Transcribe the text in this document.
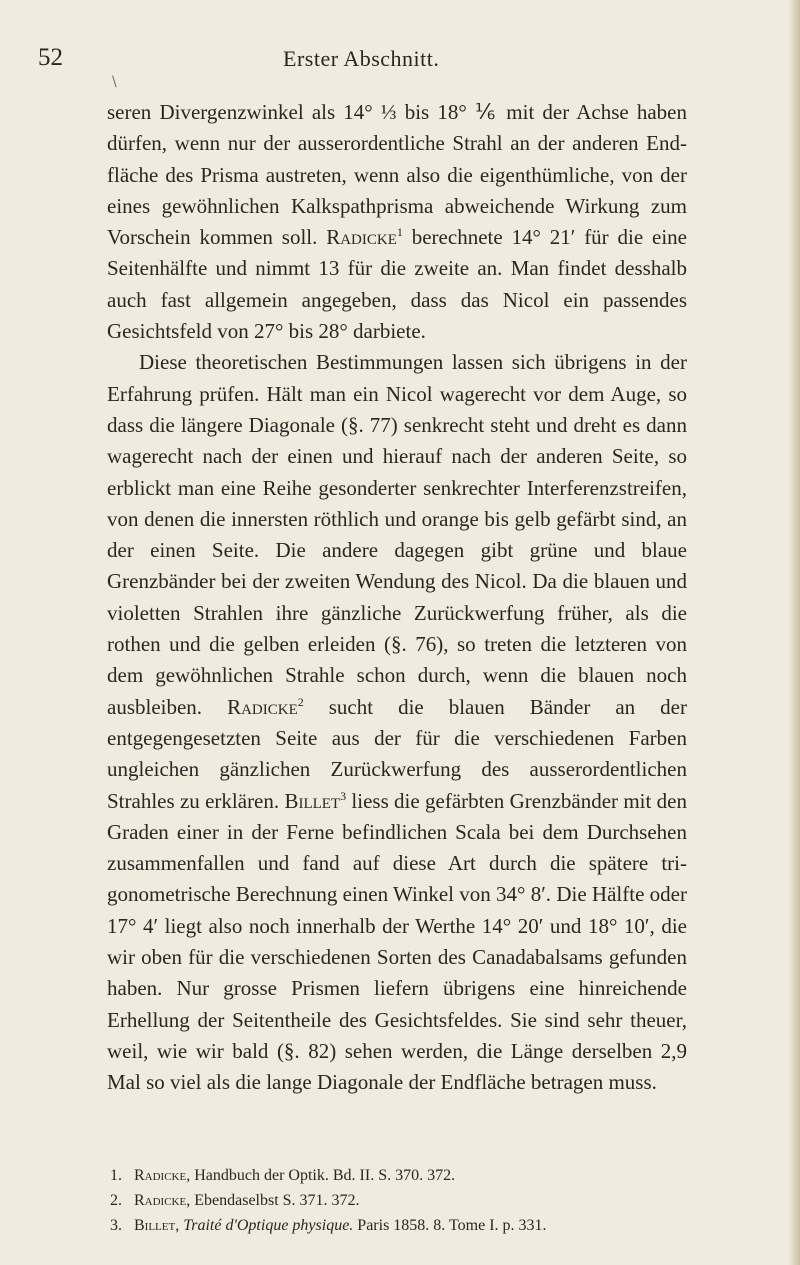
52	Erster Abschnitt.
\

seren Divergenzwinkel als 14° ⅓ bis 18° ⅙ mit der Achse haben dürfen, wenn nur der ausserordentliche Strahl an der anderen Endfläche des Prisma austreten, wenn also die eigenthümliche, von der eines gewöhnlichen Kalkspathprisma abweichende Wirkung zum Vorschein kommen soll. Radicke$^1$ berechnete 14° 21′ für die eine Seitenhälfte und nimmt 13 für die zweite an. Man findet desshalb auch fast allgemein angegeben, dass das Nicol ein passendes Gesichtsfeld von 27° bis 28° darbiete.

Diese theoretischen Bestimmungen lassen sich übrigens in der Erfahrung prüfen. Hält man ein Nicol wagerecht vor dem Auge, so dass die längere Diagonale (§. 77) senkrecht steht und dreht es dann wagerecht nach der einen und hierauf nach der anderen Seite, so erblickt man eine Reihe gesonderter senkrechter Interferenzstreifen, von denen die innersten röthlich und orange bis gelb gefärbt sind, an der einen Seite. Die andere dagegen gibt grüne und blaue Grenzbänder bei der zweiten Wendung des Nicol. Da die blauen und violetten Strahlen ihre gänzliche Zurückwerfung früher, als die rothen und die gelben erleiden (§. 76), so treten die letzteren von dem gewöhnlichen Strahle schon durch, wenn die blauen noch ausbleiben. Radicke$^2$ sucht die blauen Bänder an der entgegengesetzten Seite aus der für die verschiedenen Farben ungleichen gänzlichen Zurückwerfung des ausserordentlichen Strahles zu erklären. Billet$^3$ liess die gefärbten Grenzbänder mit den Graden einer in der Ferne befindlichen Scala bei dem Durchsehen zusammenfallen und fand auf diese Art durch die spätere trigonometrische Berechnung einen Winkel von 34° 8′. Die Hälfte oder 17° 4′ liegt also noch innerhalb der Werthe 14° 20′ und 18° 10′, die wir oben für die verschiedenen Sorten des Canadabalsams gefunden haben. Nur grosse Prismen liefern übrigens eine hinreichende Erhellung der Seitentheile des Gesichtsfeldes. Sie sind sehr theuer, weil, wie wir bald (§. 82) sehen werden, die Länge derselben 2,9 Mal so viel als die lange Diagonale der Endfläche betragen muss.

1. Radicke, Handbuch der Optik. Bd. II. S. 370. 372.
2. Radicke, Ebendaselbst S. 371. 372.
3. Billet, Traité d'Optique physique. Paris 1858. 8. Tome I. p. 331.
